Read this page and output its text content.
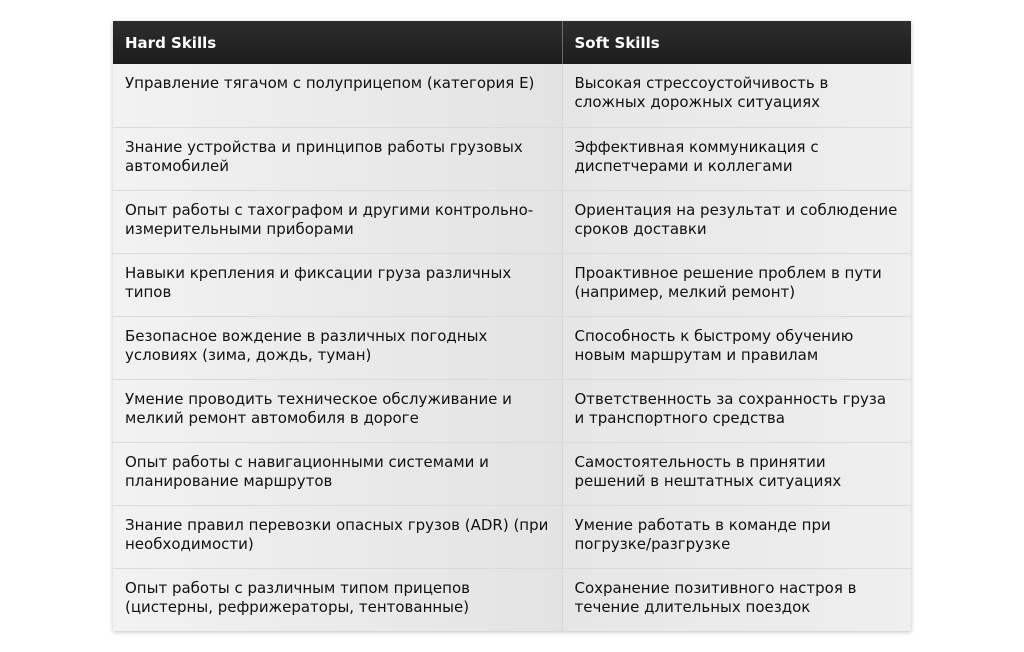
Hard Skills	Soft Skills
Управление тягачом с полуприцепом (категория E)	Высокая стрессоустойчивость в сложных дорожных ситуациях
Знание устройства и принципов работы грузовых автомобилей	Эффективная коммуникация с диспетчерами и коллегами
Опыт работы с тахографом и другими контрольно-измерительными приборами	Ориентация на результат и соблюдение сроков доставки
Навыки крепления и фиксации груза различных типов	Проактивное решение проблем в пути (например, мелкий ремонт)
Безопасное вождение в различных погодных условиях (зима, дождь, туман)	Способность к быстрому обучению новым маршрутам и правилам
Умение проводить техническое обслуживание и мелкий ремонт автомобиля в дороге	Ответственность за сохранность груза и транспортного средства
Опыт работы с навигационными системами и планирование маршрутов	Самостоятельность в принятии решений в нештатных ситуациях
Знание правил перевозки опасных грузов (ADR) (при необходимости)	Умение работать в команде при погрузке/разгрузке
Опыт работы с различным типом прицепов (цистерны, рефрижераторы, тентованные)	Сохранение позитивного настроя в течение длительных поездок
